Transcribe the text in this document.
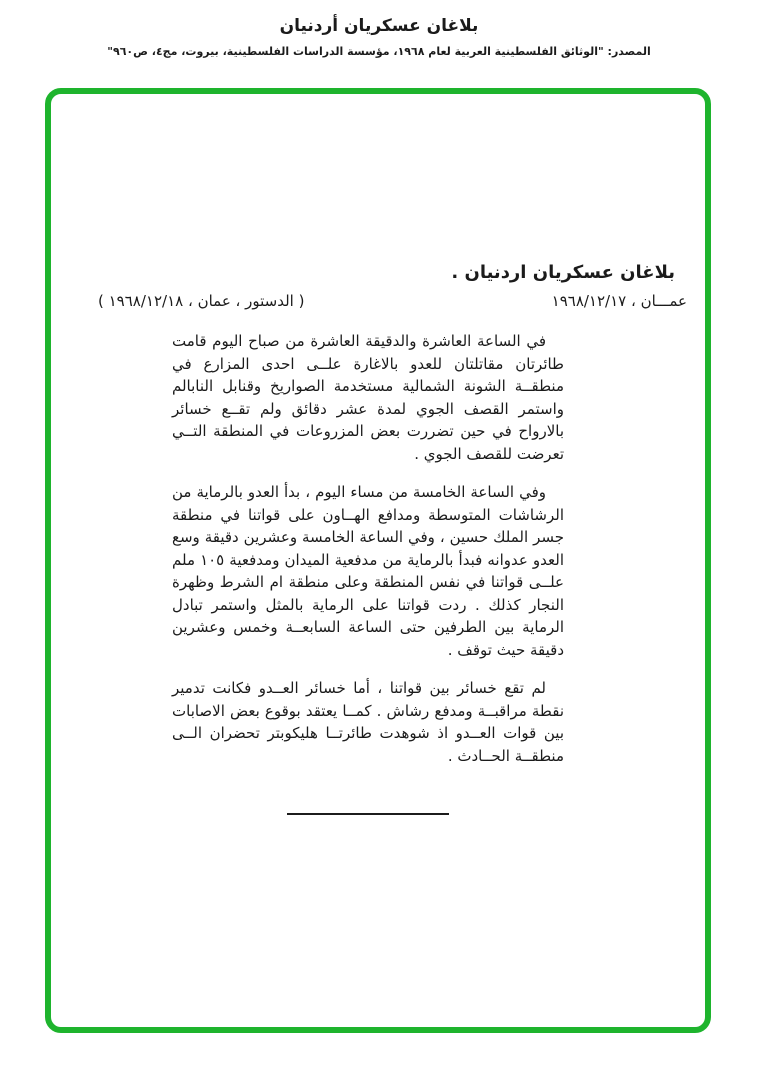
بلاغان عسكريان أردنيان
المصدر: "الوثائق الفلسطينية العربية لعام ١٩٦٨، مؤسسة الدراسات الفلسطينية، بيروت، مج٤، ص٩٦٠"
بلاغان عسكريان اردنيان .
عمـــان ، ١٩٦٨/١٢/١٧
( الدستور ، عمان ، ١٩٦٨/١٢/١٨ )

في الساعة العاشرة والدقيقة العاشرة من صباح اليوم قامت طائرتان مقاتلتان للعدو بالاغارة علــى احدى المزارع في منطقــة الشونة الشمالية مستخدمة الصواريخ وقنابل النابالم واستمر القصف الجوي لمدة عشر دقائق ولم تقــع خسائر بالارواح في حين تضررت بعض المزروعات في المنطقة التــي تعرضت للقصف الجوي .

وفي الساعة الخامسة من مساء اليوم ، بدأ العدو بالرماية من الرشاشات المتوسطة ومدافع الهــاون على قواتنا في منطقة جسر الملك حسين ، وفي الساعة الخامسة وعشرين دقيقة وسع العدو عدوانه فبدأ بالرماية من مدفعية الميدان ومدفعية ١٠٥ ملم علــى قواتنا في نفس المنطقة وعلى منطقة ام الشرط وظهرة النجار كذلك . ردت قواتنا على الرماية بالمثل واستمر تبادل الرماية بين الطرفين حتى الساعة السابعــة وخمس وعشرين دقيقة حيث توقف .

لم تقع خسائر بين قواتنا ، أما خسائر العــدو فكانت تدمير نقطة مراقبــة ومدفع رشاش . كمــا يعتقد بوقوع بعض الاصابات بين قوات العــدو اذ شوهدت طائرتــا هليكوبتر تحضران الــى منطقــة الحــادث .
